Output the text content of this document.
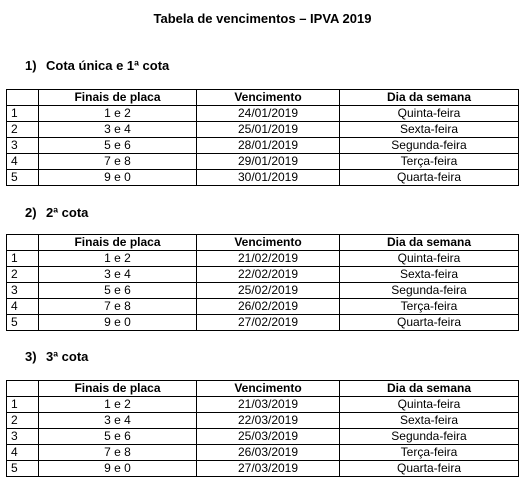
Tabela de vencimentos – IPVA 2019
1) Cota única e 1ª cota
	Finais de placa	Vencimento	Dia da semana
1	1 e 2	24/01/2019	Quinta-feira
2	3 e 4	25/01/2019	Sexta-feira
3	5 e 6	28/01/2019	Segunda-feira
4	7 e 8	29/01/2019	Terça-feira
5	9 e 0	30/01/2019	Quarta-feira
2) 2ª cota
	Finais de placa	Vencimento	Dia da semana
1	1 e 2	21/02/2019	Quinta-feira
2	3 e 4	22/02/2019	Sexta-feira
3	5 e 6	25/02/2019	Segunda-feira
4	7 e 8	26/02/2019	Terça-feira
5	9 e 0	27/02/2019	Quarta-feira
3) 3ª cota
	Finais de placa	Vencimento	Dia da semana
1	1 e 2	21/03/2019	Quinta-feira
2	3 e 4	22/03/2019	Sexta-feira
3	5 e 6	25/03/2019	Segunda-feira
4	7 e 8	26/03/2019	Terça-feira
5	9 e 0	27/03/2019	Quarta-feira
